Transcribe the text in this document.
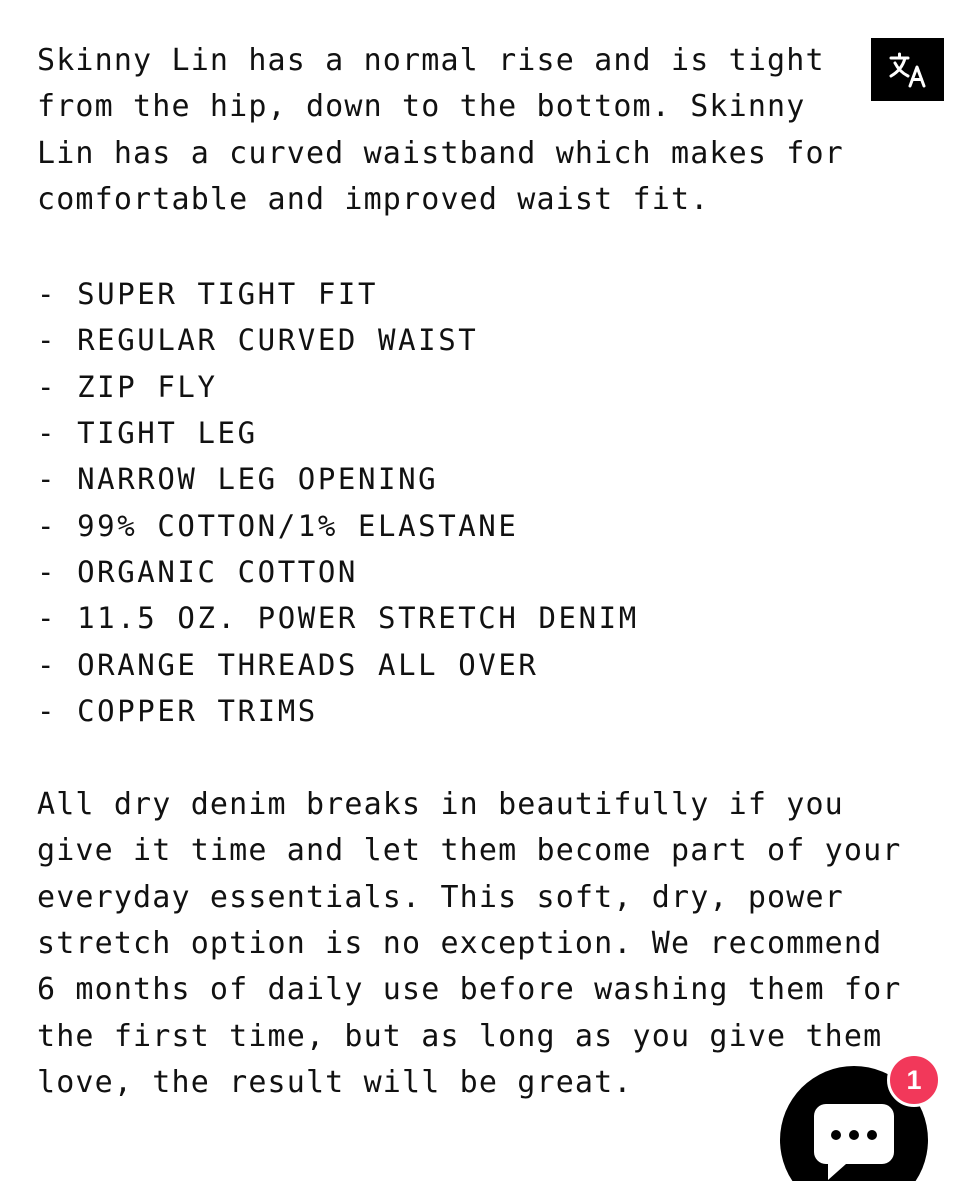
Skinny Lin has a normal rise and is tight
from the hip, down to the bottom. Skinny
Lin has a curved waistband which makes for
comfortable and improved waist fit.

- SUPER TIGHT FIT
- REGULAR CURVED WAIST
- ZIP FLY
- TIGHT LEG
- NARROW LEG OPENING
- 99% COTTON/1% ELASTANE
- ORGANIC COTTON
- 11.5 OZ. POWER STRETCH DENIM
- ORANGE THREADS ALL OVER
- COPPER TRIMS

All dry denim breaks in beautifully if you
give it time and let them become part of your
everyday essentials. This soft, dry, power
stretch option is no exception. We recommend
6 months of daily use before washing them for
the first time, but as long as you give them
love, the result will be great.	1
